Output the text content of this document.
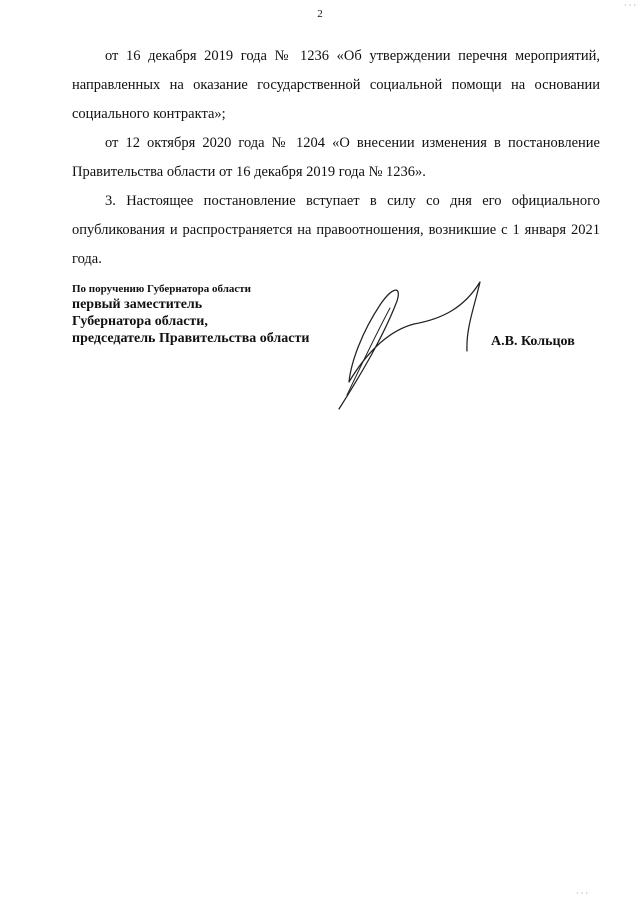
· · ·
2

от 16 декабря 2019 года № 1236 «Об утверждении перечня мероприятий, направленных на оказание государственной социальной помощи на основании социального контракта»;

от 12 октября 2020 года № 1204 «О внесении изменения в постановление Правительства области от 16 декабря 2019 года № 1236».

3. Настоящее постановление вступает в силу со дня его официального опубликования и распространяется на правоотношения, возникшие с 1 января 2021 года.

По поручению Губернатора области
первый заместитель
Губернатора области,
председатель Правительства области	А.В. Кольцов
· · ·
